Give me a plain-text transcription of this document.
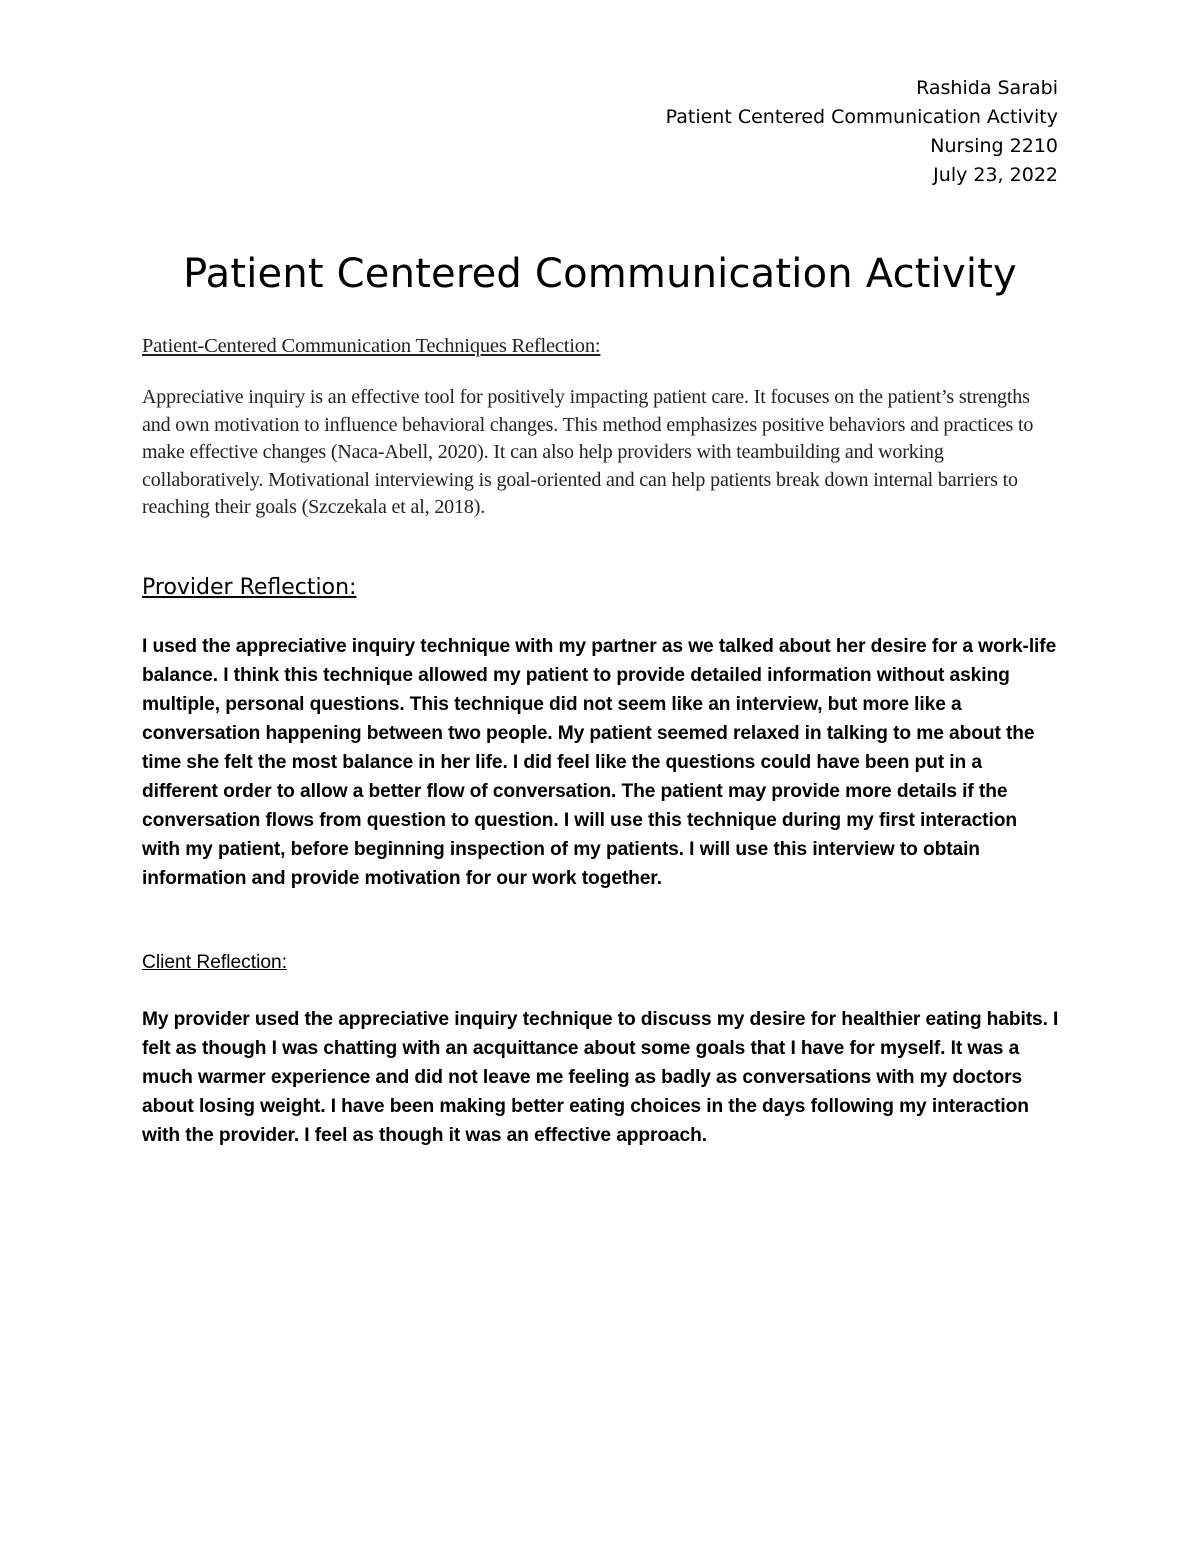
Rashida Sarabi
Patient Centered Communication Activity
Nursing 2210
July 23, 2022
Patient Centered Communication Activity
Patient-Centered Communication Techniques Reflection:

Appreciative inquiry is an effective tool for positively impacting patient care. It focuses on the patient’s strengths and own motivation to influence behavioral changes. This method emphasizes positive behaviors and practices to make effective changes (Naca-Abell, 2020). It can also help providers with teambuilding and working collaboratively. Motivational interviewing is goal-oriented and can help patients break down internal barriers to reaching their goals (Szczekala et al, 2018).

Provider Reflection:

I used the appreciative inquiry technique with my partner as we talked about her desire for a work-life balance. I think this technique allowed my patient to provide detailed information without asking multiple, personal questions. This technique did not seem like an interview, but more like a conversation happening between two people. My patient seemed relaxed in talking to me about the time she felt the most balance in her life. I did feel like the questions could have been put in a different order to allow a better flow of conversation. The patient may provide more details if the conversation flows from question to question. I will use this technique during my first interaction with my patient, before beginning inspection of my patients. I will use this interview to obtain information and provide motivation for our work together.

Client Reflection:

My provider used the appreciative inquiry technique to discuss my desire for healthier eating habits. I felt as though I was chatting with an acquittance about some goals that I have for myself. It was a much warmer experience and did not leave me feeling as badly as conversations with my doctors about losing weight. I have been making better eating choices in the days following my interaction with the provider. I feel as though it was an effective approach.
